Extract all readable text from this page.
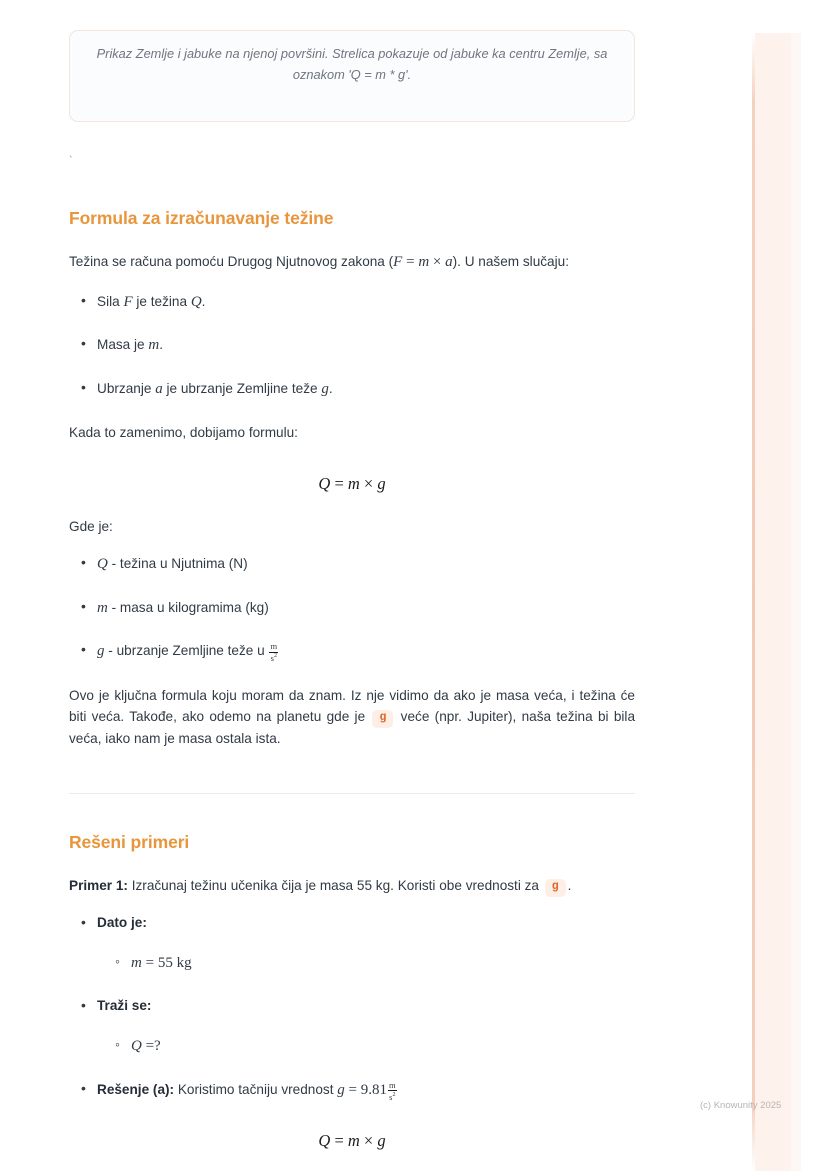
Prikaz Zemlje i jabuke na njenoj površini. Strelica pokazuje od jabuke ka centru Zemlje, sa oznakom 'Q = m * g'.
`
Formula za izračunavanje težine

Težina se računa pomoću Drugog Njutnovog zakona (F = m × a). U našem slučaju:

• Sila F je težina Q.
• Masa je m.
• Ubrzanje a je ubrzanje Zemljine teže g.

Kada to zamenimo, dobijamo formulu:

Q = m × g

Gde je:

• Q - težina u Njutnima (N)
• m - masa u kilogramima (kg)
• g - ubrzanje Zemljine teže u $\frac{m}{s^2}$

Ovo je ključna formula koju moram da znam. Iz nje vidimo da ako je masa veća, i težina će biti veća. Takođe, ako odemo na planetu gde je g veće (npr. Jupiter), naša težina bi bila veća, iako nam je masa ostala ista.

Rešeni primeri

Primer 1: Izračunaj težinu učenika čija je masa 55 kg. Koristi obe vrednosti za g .

• Dato je:
◦ m = 55 kg
• Traži se:
◦ Q =?
• Rešenje (a): Koristimo tačniju vrednost $g = 9.81 \frac{m}{s^2}$
Q = m × g
(c) Knowunity 2025
